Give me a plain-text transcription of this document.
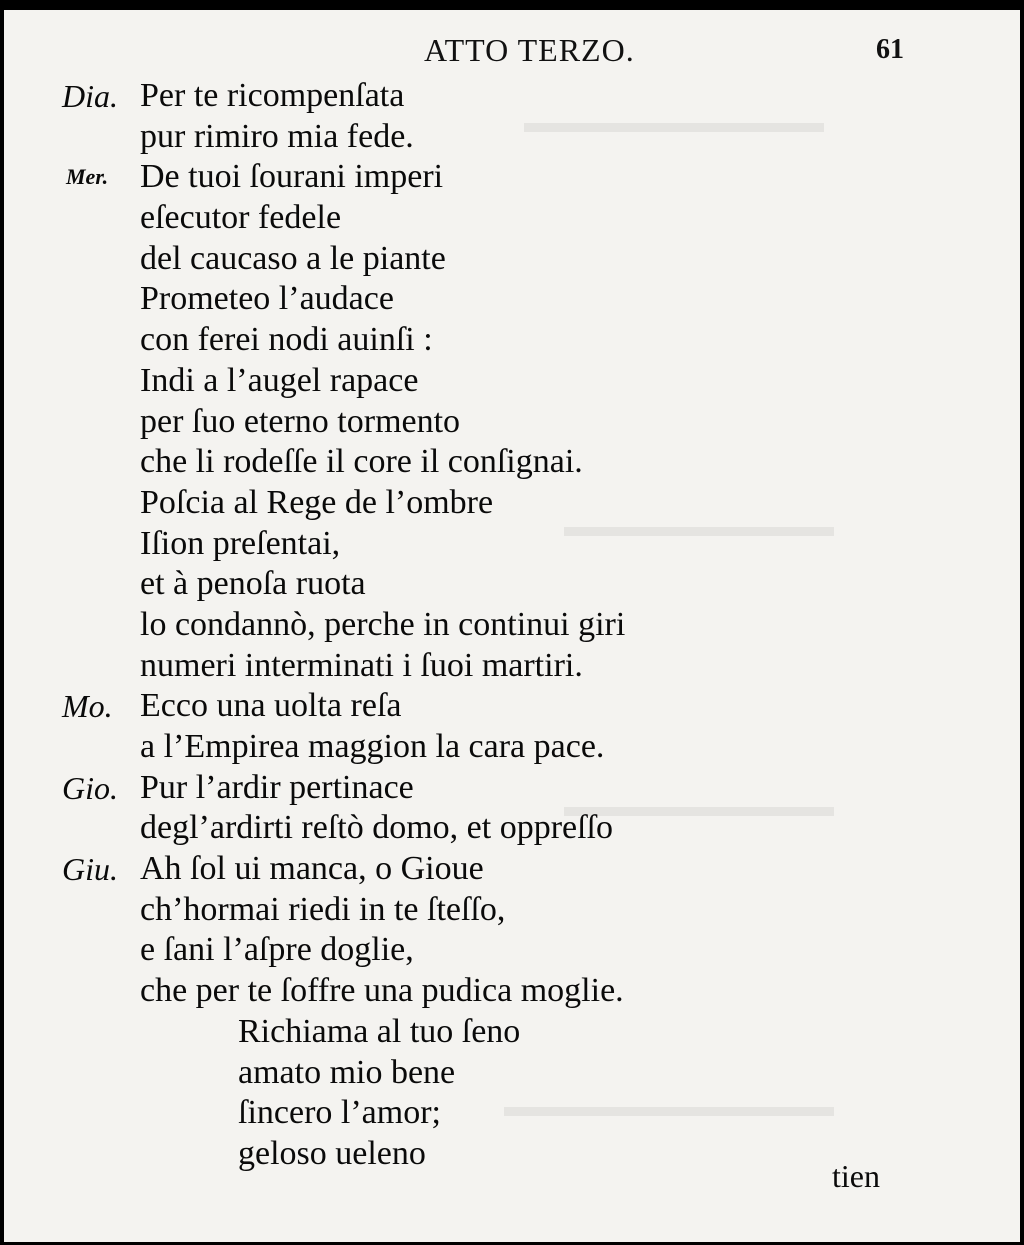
▬▬▬▬▬▬▬▬▬▬
▬▬▬▬▬▬▬▬▬
▬▬▬▬▬▬▬▬▬
▬▬▬▬▬▬▬▬▬▬▬
ATTO TERZO.	61
Dia. Per te ricompenſata
pur rimiro mia fede.
Mer. De tuoi ſourani imperi
eſecutor fedele
del caucaso a le piante
Prometeo l’audace
con ferei nodi auinſi :
Indi a l’augel rapace
per ſuo eterno tormento
che li rodeſſe il core il conſignai.
Poſcia al Rege de l’ombre
Iſion preſentai,
et à penoſa ruota
lo condannò, perche in continui giri
numeri interminati i ſuoi martiri.
Mo. Ecco una uolta reſa
a l’Empirea maggion la cara pace.
Gio. Pur l’ardir pertinace
degl’ardirti reſtò domo, et oppreſſo
Giu. Ah ſol ui manca, o Gioue
ch’hormai riedi in te ſteſſo,
e ſani l’aſpre doglie,
che per te ſoffre una pudica moglie.
Richiama al tuo ſeno
amato mio bene
ſincero l’amor;
geloso ueleno
tien
